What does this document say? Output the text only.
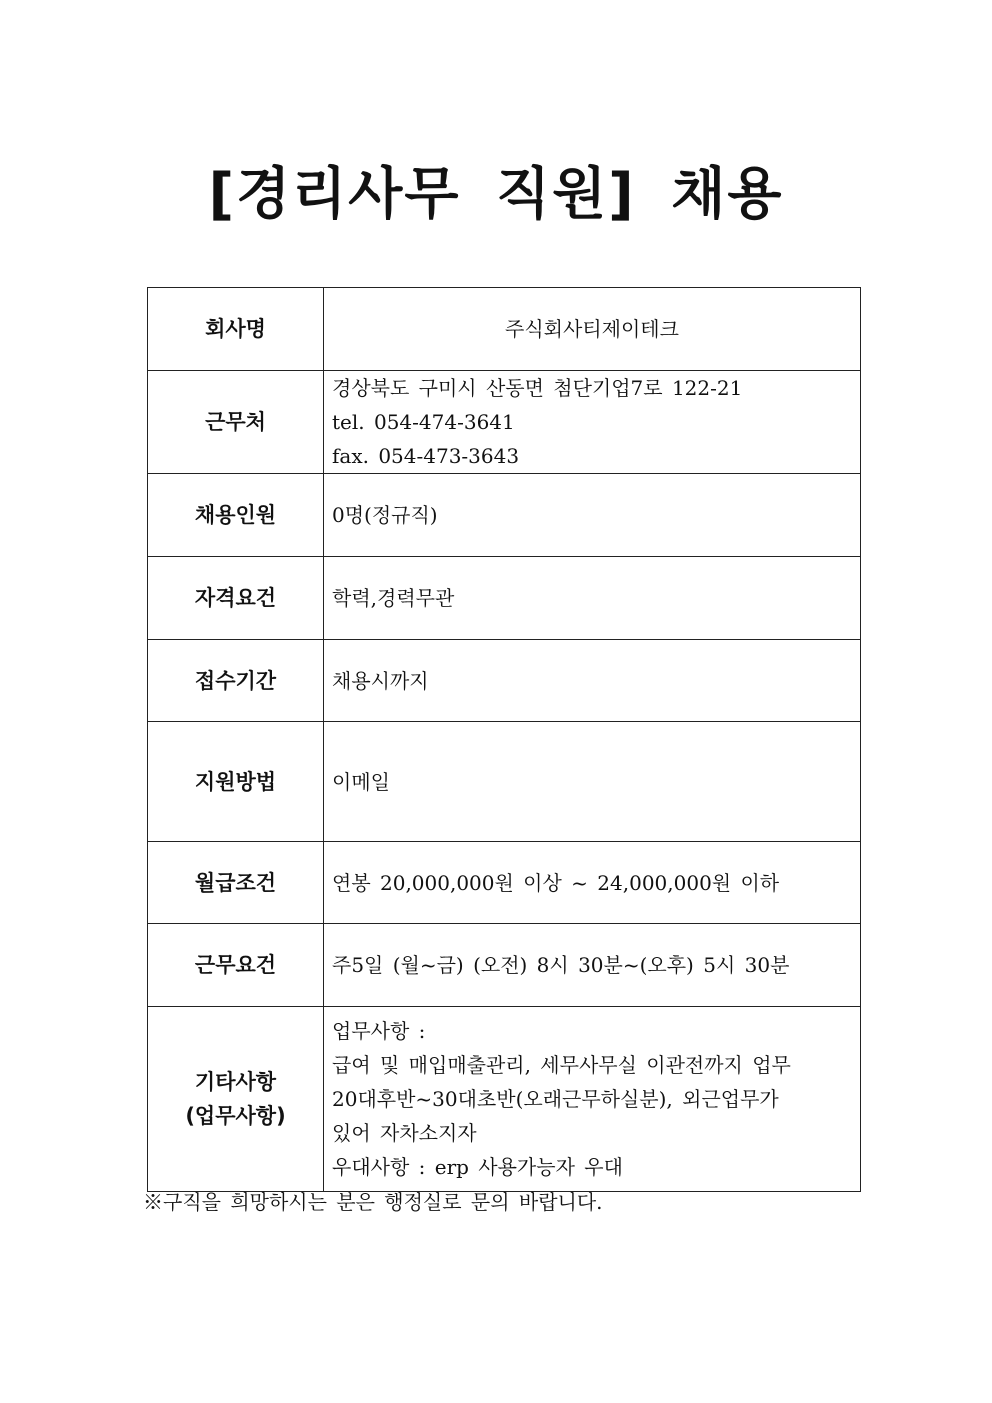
[경리사무 직원] 채용
회사명	주식회사티제이테크

근무처	경상북도 구미시 산동면 첨단기업7로 122-21
tel. 054-474-3641
fax. 054-473-3643

채용인원	0명(정규직)

자격요건	학력,경력무관

접수기간	채용시까지

지원방법	이메일

월급조건	연봉 20,000,000원 이상 ~ 24,000,000원 이하

근무요건	주5일 (월~금) (오전) 8시 30분~(오후) 5시 30분

기타사항
(업무사항)	업무사항 :
급여 및 매입매출관리, 세무사무실 이관전까지 업무
20대후반~30대초반(오래근무하실분), 외근업무가
있어 자차소지자
우대사항 : erp 사용가능자 우대
※구직을 희망하시는 분은 행정실로 문의 바랍니다.
